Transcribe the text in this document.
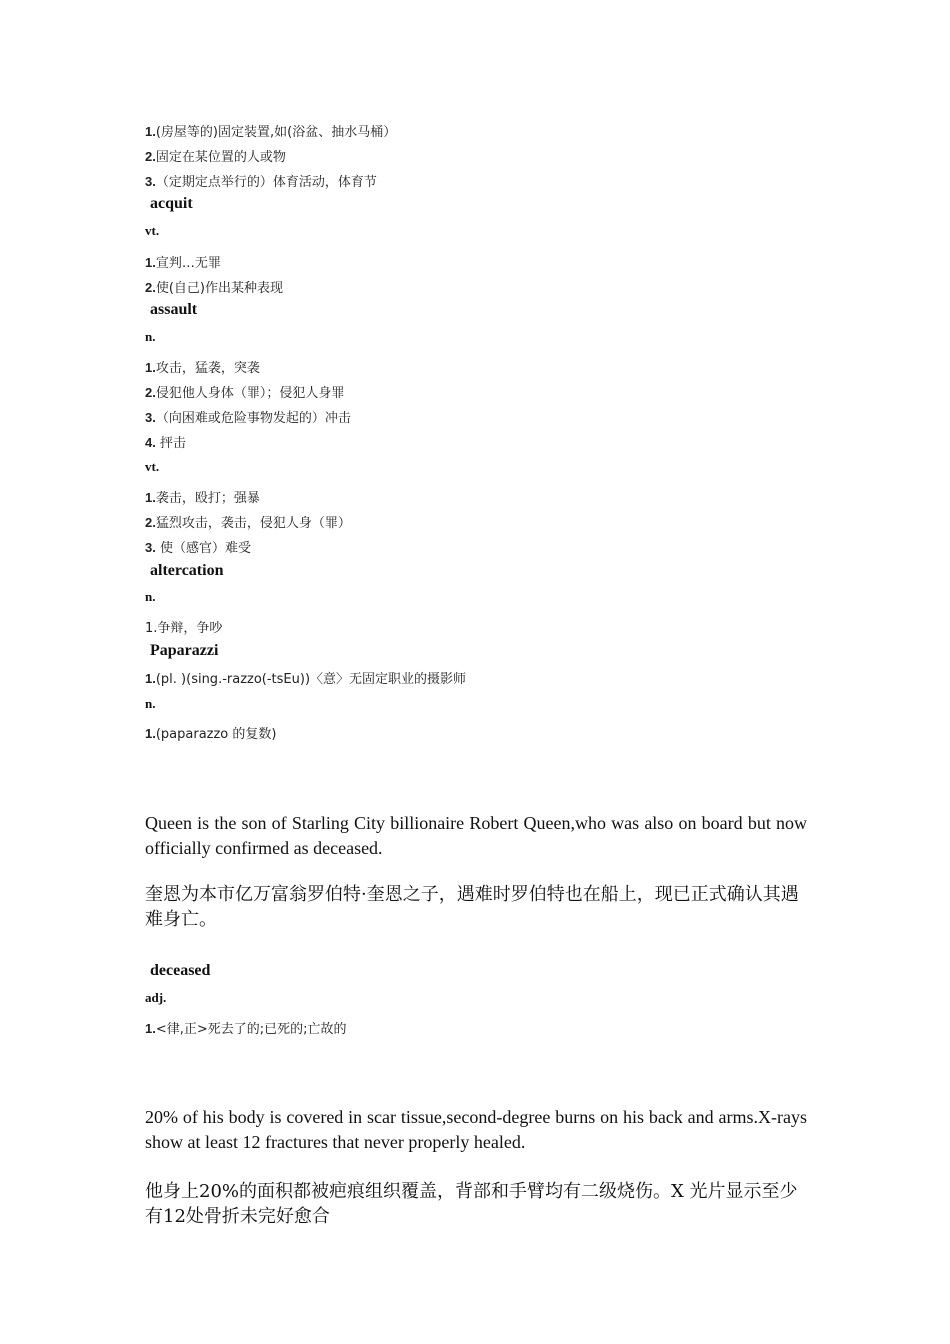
1.(房屋等的)固定装置,如(浴盆、抽水马桶）
2.固定在某位置的人或物
3.（定期定点举行的）体育活动，体育节
acquit
vt.
1.宣判…无罪
2.使(自己)作出某种表现
assault
n.
1.攻击，猛袭，突袭
2.侵犯他人身体（罪）；侵犯人身罪
3.（向困难或危险事物发起的）冲击
4. 抨击
vt.
1.袭击，殴打；强暴
2.猛烈攻击，袭击，侵犯人身（罪）
3. 使（感官）难受
altercation
n.
1.争辩，争吵
Paparazzi
1.(pl. )(sing.-razzo(-tsEu))〈意〉无固定职业的摄影师
n.
1.(paparazzo 的复数)
Queen is the son of Starling City billionaire Robert Queen,who was also on board but now officially confirmed as deceased.
奎恩为本市亿万富翁罗伯特·奎恩之子，遇难时罗伯特也在船上，现已正式确认其遇难身亡。
deceased
adj.
1.<律,正>死去了的;已死的;亡故的
20% of his body is covered in scar tissue,second-degree burns on his back and arms.X-rays show at least 12 fractures that never properly healed.
他身上20%的面积都被疤痕组织覆盖，背部和手臂均有二级烧伤。X 光片显示至少有12处骨折未完好愈合
